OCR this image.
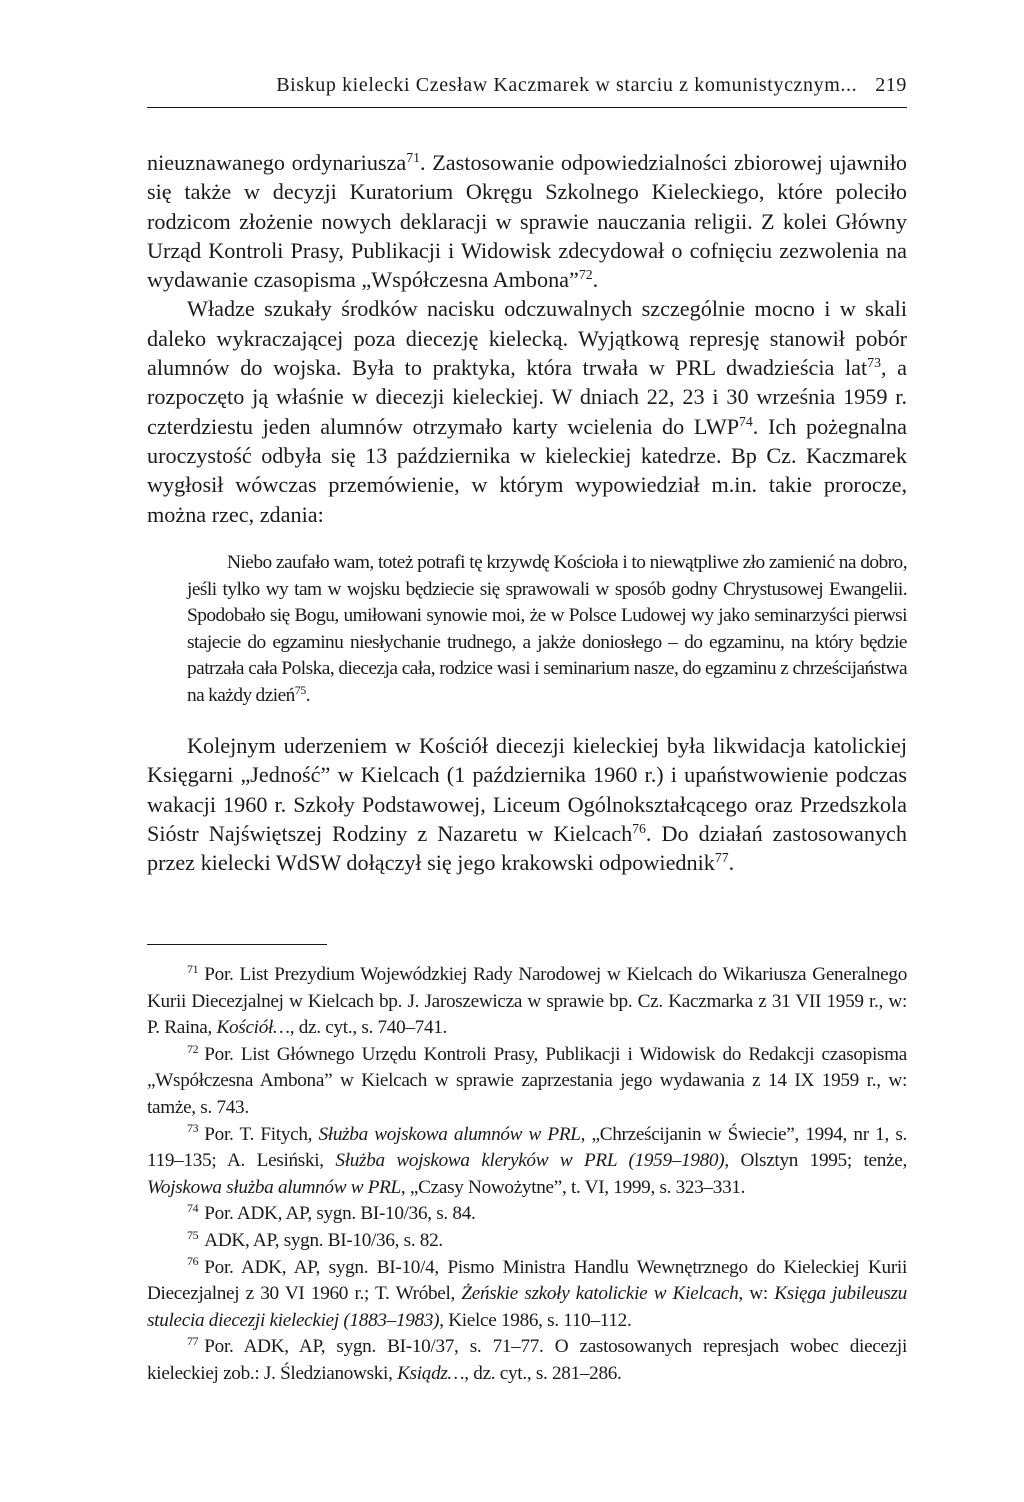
Biskup kielecki Czesław Kaczmarek w starciu z komunistycznym... 219

nieuznawanego ordynariusza$^{71}$. Zastosowanie odpowiedzialności zbiorowej ujawniło się także w decyzji Kuratorium Okręgu Szkolnego Kieleckiego, które poleciło rodzicom złożenie nowych deklaracji w sprawie nauczania religii. Z kolei Główny Urząd Kontroli Prasy, Publikacji i Widowisk zdecydował o cofnięciu zezwolenia na wydawanie czasopisma „Współczesna Ambona”$^{72}$.

Władze szukały środków nacisku odczuwalnych szczególnie mocno i w skali daleko wykraczającej poza diecezję kielecką. Wyjątkową represję stanowił pobór alumnów do wojska. Była to praktyka, która trwała w PRL dwadzieścia lat$^{73}$, a rozpoczęto ją właśnie w diecezji kieleckiej. W dniach 22, 23 i 30 września 1959 r. czterdziestu jeden alumnów otrzymało karty wcielenia do LWP$^{74}$. Ich pożegnalna uroczystość odbyła się 13 października w kieleckiej katedrze. Bp Cz. Kaczmarek wygłosił wówczas przemówienie, w którym wypowiedział m.in. takie prorocze, można rzec, zdania:

Niebo zaufało wam, toteż potrafi tę krzywdę Kościoła i to niewątpliwe zło zamienić na dobro, jeśli tylko wy tam w wojsku będziecie się sprawowali w sposób godny Chrystusowej Ewangelii. Spodobało się Bogu, umiłowani synowie moi, że w Polsce Ludowej wy jako seminarzyści pierwsi stajecie do egzaminu niesłychanie trudnego, a jakże doniosłego – do egzaminu, na który będzie patrzała cała Polska, diecezja cała, rodzice wasi i seminarium nasze, do egzaminu z chrześcijaństwa na każdy dzień$^{75}$.

Kolejnym uderzeniem w Kościół diecezji kieleckiej była likwidacja katolickiej Księgarni „Jedność” w Kielcach (1 października 1960 r.) i upaństwowienie podczas wakacji 1960 r. Szkoły Podstawowej, Liceum Ogólnokształcącego oraz Przedszkola Sióstr Najświętszej Rodziny z Nazaretu w Kielcach$^{76}$. Do działań zastosowanych przez kielecki WdSW dołączył się jego krakowski odpowiednik$^{77}$.

$^{71}$ Por. List Prezydium Wojewódzkiej Rady Narodowej w Kielcach do Wikariusza Generalnego Kurii Diecezjalnej w Kielcach bp. J. Jaroszewicza w sprawie bp. Cz. Kaczmarka z 31 VII 1959 r., w: P. Raina, Kościół…, dz. cyt., s. 740–741.

$^{72}$ Por. List Głównego Urzędu Kontroli Prasy, Publikacji i Widowisk do Redakcji czasopisma „Współczesna Ambona” w Kielcach w sprawie zaprzestania jego wydawania z 14 IX 1959 r., w: tamże, s. 743.

$^{73}$ Por. T. Fitych, Służba wojskowa alumnów w PRL, „Chrześcijanin w Świecie”, 1994, nr 1, s. 119–135; A. Lesiński, Służba wojskowa kleryków w PRL (1959–1980), Olsztyn 1995; tenże, Wojskowa służba alumnów w PRL, „Czasy Nowożytne”, t. VI, 1999, s. 323–331.

$^{74}$ Por. ADK, AP, sygn. BI-10/36, s. 84.

$^{75}$ ADK, AP, sygn. BI-10/36, s. 82.

$^{76}$ Por. ADK, AP, sygn. BI-10/4, Pismo Ministra Handlu Wewnętrznego do Kieleckiej Kurii Diecezjalnej z 30 VI 1960 r.; T. Wróbel, Żeńskie szkoły katolickie w Kielcach, w: Księga jubileuszu stulecia diecezji kieleckiej (1883–1983), Kielce 1986, s. 110–112.

$^{77}$ Por. ADK, AP, sygn. BI-10/37, s. 71–77. O zastosowanych represjach wobec diecezji kieleckiej zob.: J. Śledzianowski, Ksiądz…, dz. cyt., s. 281–286.
